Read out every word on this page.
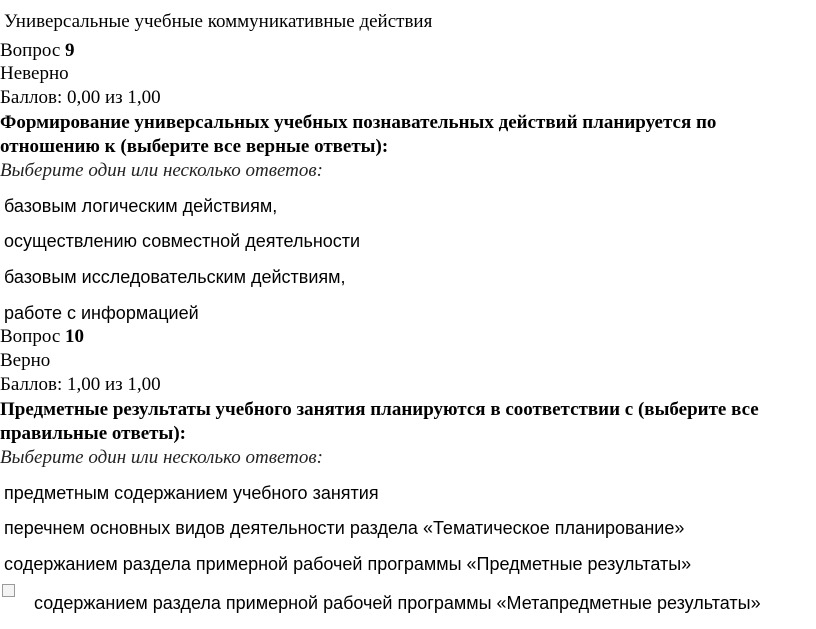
Универсальные учебные коммуникативные действия
Вопрос 9
Неверно
Баллов: 0,00 из 1,00
Формирование универсальных учебных познавательных действий планируется по отношению к (выберите все верные ответы):
Выберите один или несколько ответов:
базовым логическим действиям,
осуществлению совместной деятельности
базовым исследовательским действиям,
работе с информацией
Вопрос 10
Верно
Баллов: 1,00 из 1,00
Предметные результаты учебного занятия планируются в соответствии с (выберите все правильные ответы):
Выберите один или несколько ответов:
предметным содержанием учебного занятия
перечнем основных видов деятельности раздела «Тематическое планирование»
содержанием раздела примерной рабочей программы «Предметные результаты»
содержанием раздела примерной рабочей программы «Метапредметные результаты»
